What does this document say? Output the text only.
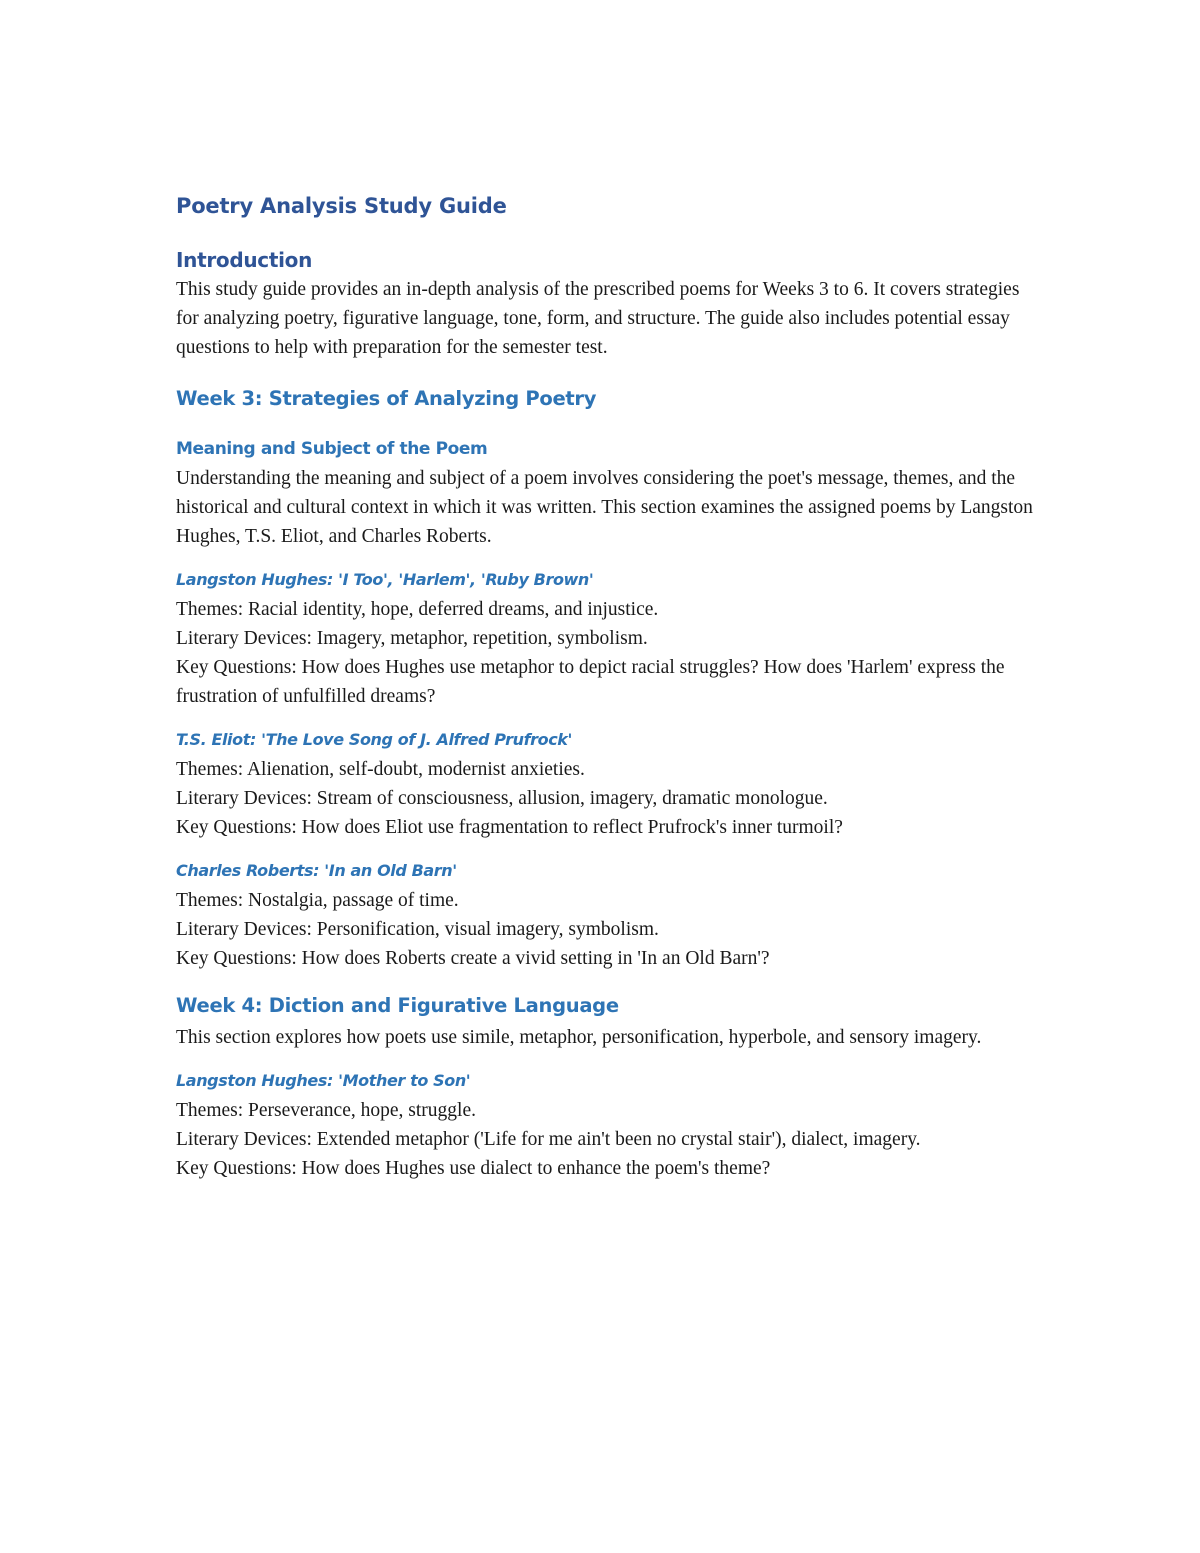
Poetry Analysis Study Guide
Introduction

This study guide provides an in-depth analysis of the prescribed poems for Weeks 3 to 6. It covers strategies for analyzing poetry, figurative language, tone, form, and structure. The guide also includes potential essay questions to help with preparation for the semester test.

Week 3: Strategies of Analyzing Poetry
Meaning and Subject of the Poem

Understanding the meaning and subject of a poem involves considering the poet's message, themes, and the historical and cultural context in which it was written. This section examines the assigned poems by Langston Hughes, T.S. Eliot, and Charles Roberts.

Langston Hughes: 'I Too', 'Harlem', 'Ruby Brown'

Themes: Racial identity, hope, deferred dreams, and injustice.

Literary Devices: Imagery, metaphor, repetition, symbolism.

Key Questions: How does Hughes use metaphor to depict racial struggles? How does 'Harlem' express the frustration of unfulfilled dreams?

T.S. Eliot: 'The Love Song of J. Alfred Prufrock'

Themes: Alienation, self-doubt, modernist anxieties.

Literary Devices: Stream of consciousness, allusion, imagery, dramatic monologue.

Key Questions: How does Eliot use fragmentation to reflect Prufrock's inner turmoil?

Charles Roberts: 'In an Old Barn'

Themes: Nostalgia, passage of time.

Literary Devices: Personification, visual imagery, symbolism.

Key Questions: How does Roberts create a vivid setting in 'In an Old Barn'?

Week 4: Diction and Figurative Language

This section explores how poets use simile, metaphor, personification, hyperbole, and sensory imagery.

Langston Hughes: 'Mother to Son'

Themes: Perseverance, hope, struggle.

Literary Devices: Extended metaphor ('Life for me ain't been no crystal stair'), dialect, imagery.

Key Questions: How does Hughes use dialect to enhance the poem's theme?
